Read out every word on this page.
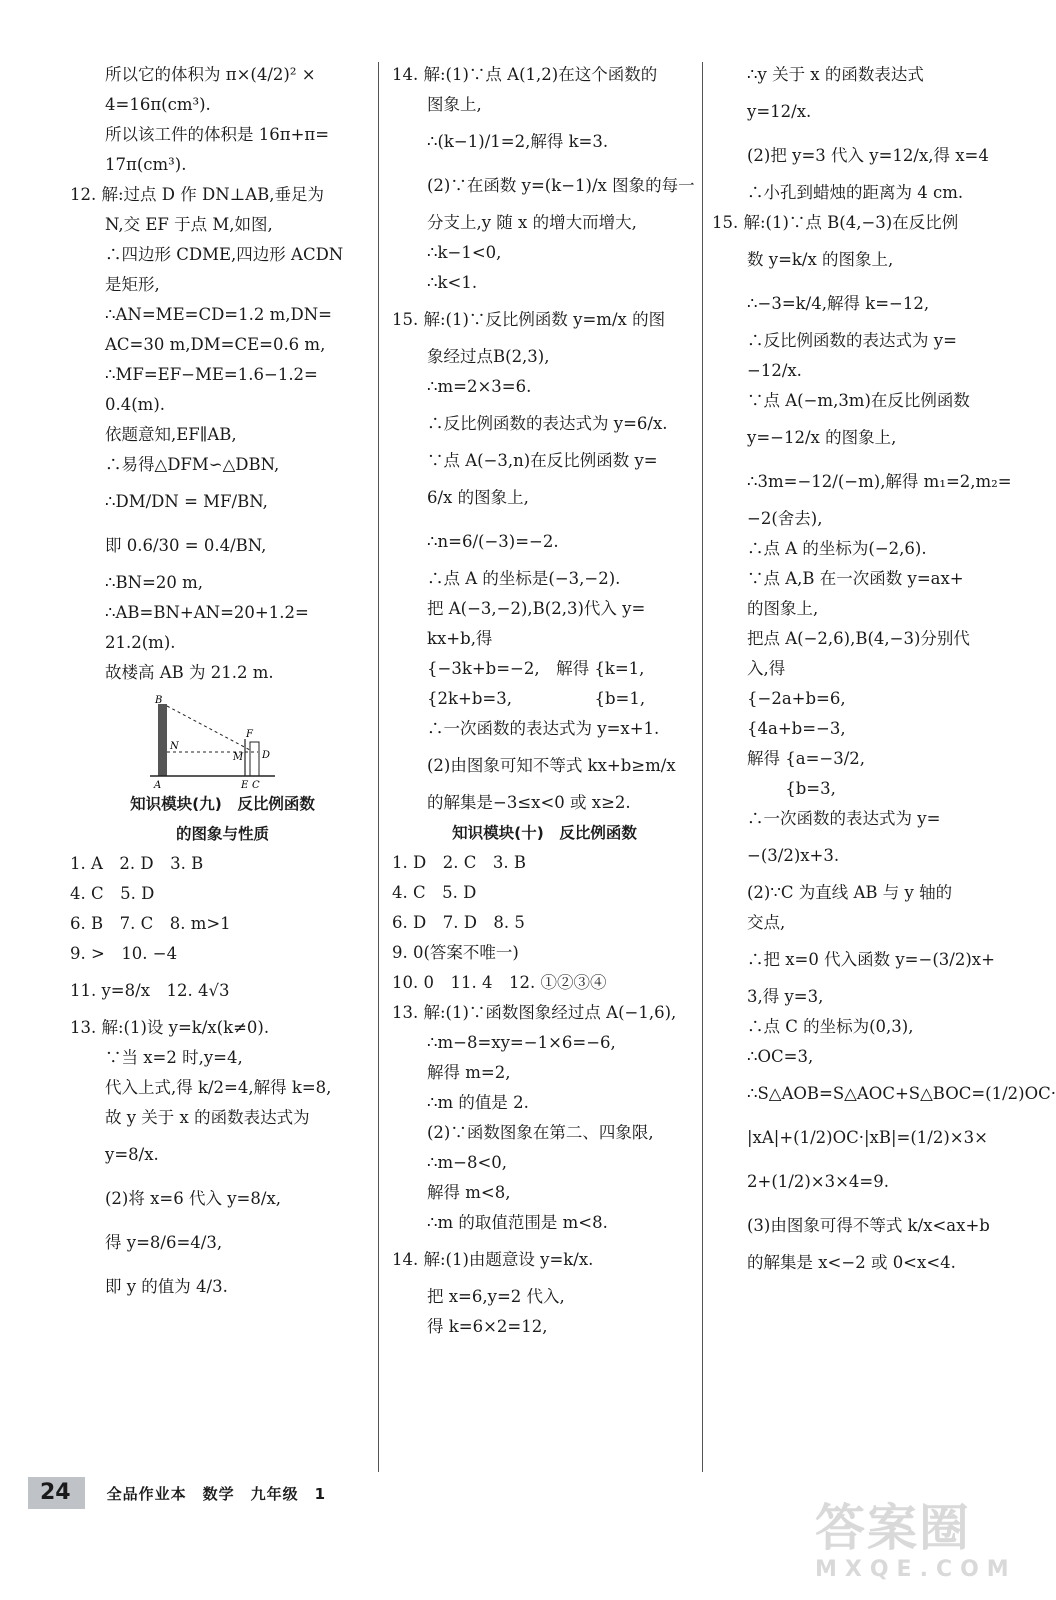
所以它的体积为 π×(4/2)² ×
4=16π(cm³).
所以该工件的体积是 16π+π=
17π(cm³).
12. 解:过点 D 作 DN⊥AB,垂足为
N,交 EF 于点 M,如图,
∴四边形 CDME,四边形 ACDN
是矩形,
∴AN=ME=CD=1.2 m,DN=
AC=30 m,DM=CE=0.6 m,
∴MF=EF−ME=1.6−1.2=
0.4(m).
依题意知,EF∥AB,
∴易得△DFM∽△DBN,
∴DM/DN = MF/BN,
即 0.6/30 = 0.4/BN,
∴BN=20 m,
∴AB=BN+AN=20+1.2=
21.2(m).
故楼高 AB 为 21.2 m.
B
N
M
F
D
A	E C
知识模块(九)　反比例函数
的图象与性质
1. A　2. D　3. B
4. C　5. D
6. B　7. C　8. m>1
9. >　10. −4
11. y=8/x　12. 4√3
13. 解:(1)设 y=k/x(k≠0).
∵当 x=2 时,y=4,
代入上式,得 k/2=4,解得 k=8,
故 y 关于 x 的函数表达式为
y=8/x.
(2)将 x=6 代入 y=8/x,
得 y=8/6=4/3,
即 y 的值为 4/3.
14. 解:(1)∵点 A(1,2)在这个函数的
图象上,
∴(k−1)/1=2,解得 k=3.
(2)∵在函数 y=(k−1)/x 图象的每一
分支上,y 随 x 的增大而增大,
∴k−1<0,
∴k<1.
15. 解:(1)∵反比例函数 y=m/x 的图
象经过点B(2,3),
∴m=2×3=6.
∴反比例函数的表达式为 y=6/x.
∵点 A(−3,n)在反比例函数 y=
6/x 的图象上,
∴n=6/(−3)=−2.
∴点 A 的坐标是(−3,−2).
把 A(−3,−2),B(2,3)代入 y=
kx+b,得
{−3k+b=−2,　解得 {k=1,
{2k+b=3,　　　　　{b=1,
∴一次函数的表达式为 y=x+1.
(2)由图象可知不等式 kx+b≥m/x
的解集是−3≤x<0 或 x≥2.
知识模块(十)　反比例函数
1. D　2. C　3. B
4. C　5. D
6. D　7. D　8. 5
9. 0(答案不唯一)
10. 0　11. 4　12. ①②③④
13. 解:(1)∵函数图象经过点 A(−1,6),
∴m−8=xy=−1×6=−6,
解得 m=2,
∴m 的值是 2.
(2)∵函数图象在第二、四象限,
∴m−8<0,
解得 m<8,
∴m 的取值范围是 m<8.
14. 解:(1)由题意设 y=k/x.
把 x=6,y=2 代入,
得 k=6×2=12,
∴y 关于 x 的函数表达式
y=12/x.
(2)把 y=3 代入 y=12/x,得 x=4
∴小孔到蜡烛的距离为 4 cm.
15. 解:(1)∵点 B(4,−3)在反比例
数 y=k/x 的图象上,
∴−3=k/4,解得 k=−12,
∴反比例函数的表达式为 y=
−12/x.
∵点 A(−m,3m)在反比例函数
y=−12/x 的图象上,
∴3m=−12/(−m),解得 m₁=2,m₂=
−2(舍去),
∴点 A 的坐标为(−2,6).
∵点 A,B 在一次函数 y=ax+
的图象上,
把点 A(−2,6),B(4,−3)分别代
入,得
{−2a+b=6,
{4a+b=−3,
解得 {a=−3/2,
　　 {b=3,
∴一次函数的表达式为 y=
−(3/2)x+3.
(2)∵C 为直线 AB 与 y 轴的
交点,
∴把 x=0 代入函数 y=−(3/2)x+
3,得 y=3,
∴点 C 的坐标为(0,3),
∴OC=3,
∴S△AOB=S△AOC+S△BOC=(1/2)OC·
|xA|+(1/2)OC·|xB|=(1/2)×3×
2+(1/2)×3×4=9.
(3)由图象可得不等式 k/x<ax+b
的解集是 x<−2 或 0<x<4.
24	全品作业本　数学　九年级　1
答案圈
MXQE.COM
